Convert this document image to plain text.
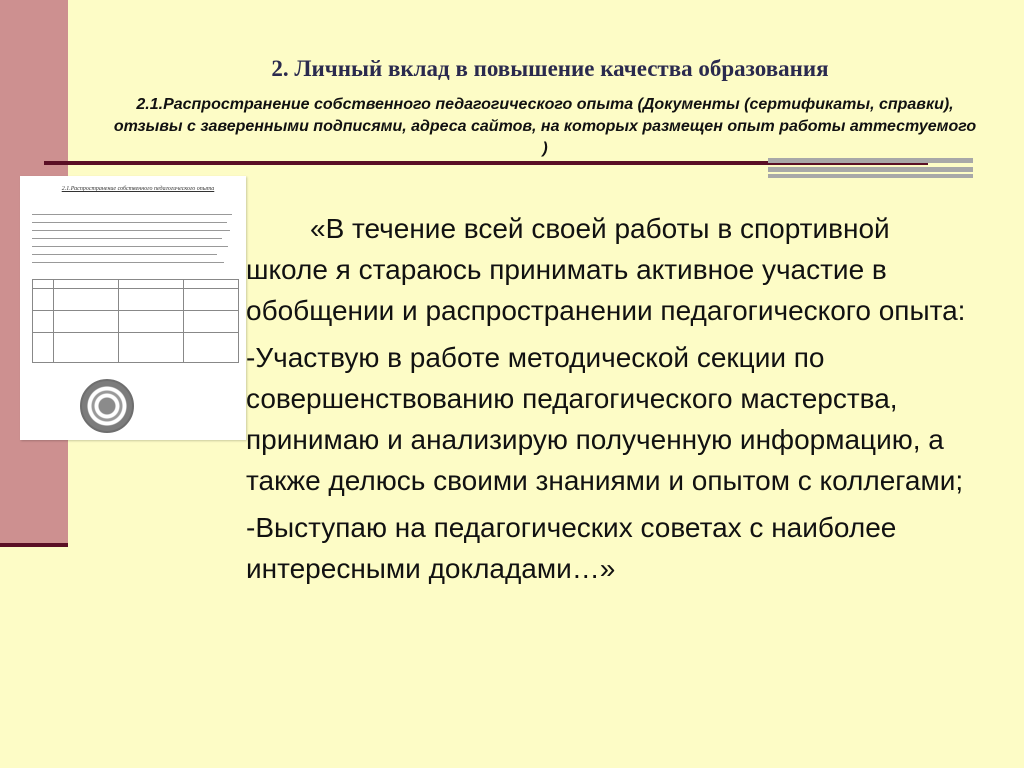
2. Личный вклад в повышение качества образования
2.1.Распространение собственного педагогического опыта (Документы (сертификаты, справки), отзывы с заверенными подписями, адреса сайтов, на которых размещен опыт работы аттестуемого )
2.1.Распространение собственного педагогического опыта

«В течение всей своей работы в спортивной школе я стараюсь принимать активное участие в обобщении и распространении педагогического опыта:

-Участвую в работе методической секции по совершенствованию педагогического мастерства, принимаю и анализирую полученную информацию, а также делюсь своими знаниями и опытом с коллегами;

-Выступаю на педагогических советах с наиболее интересными докладами…»
